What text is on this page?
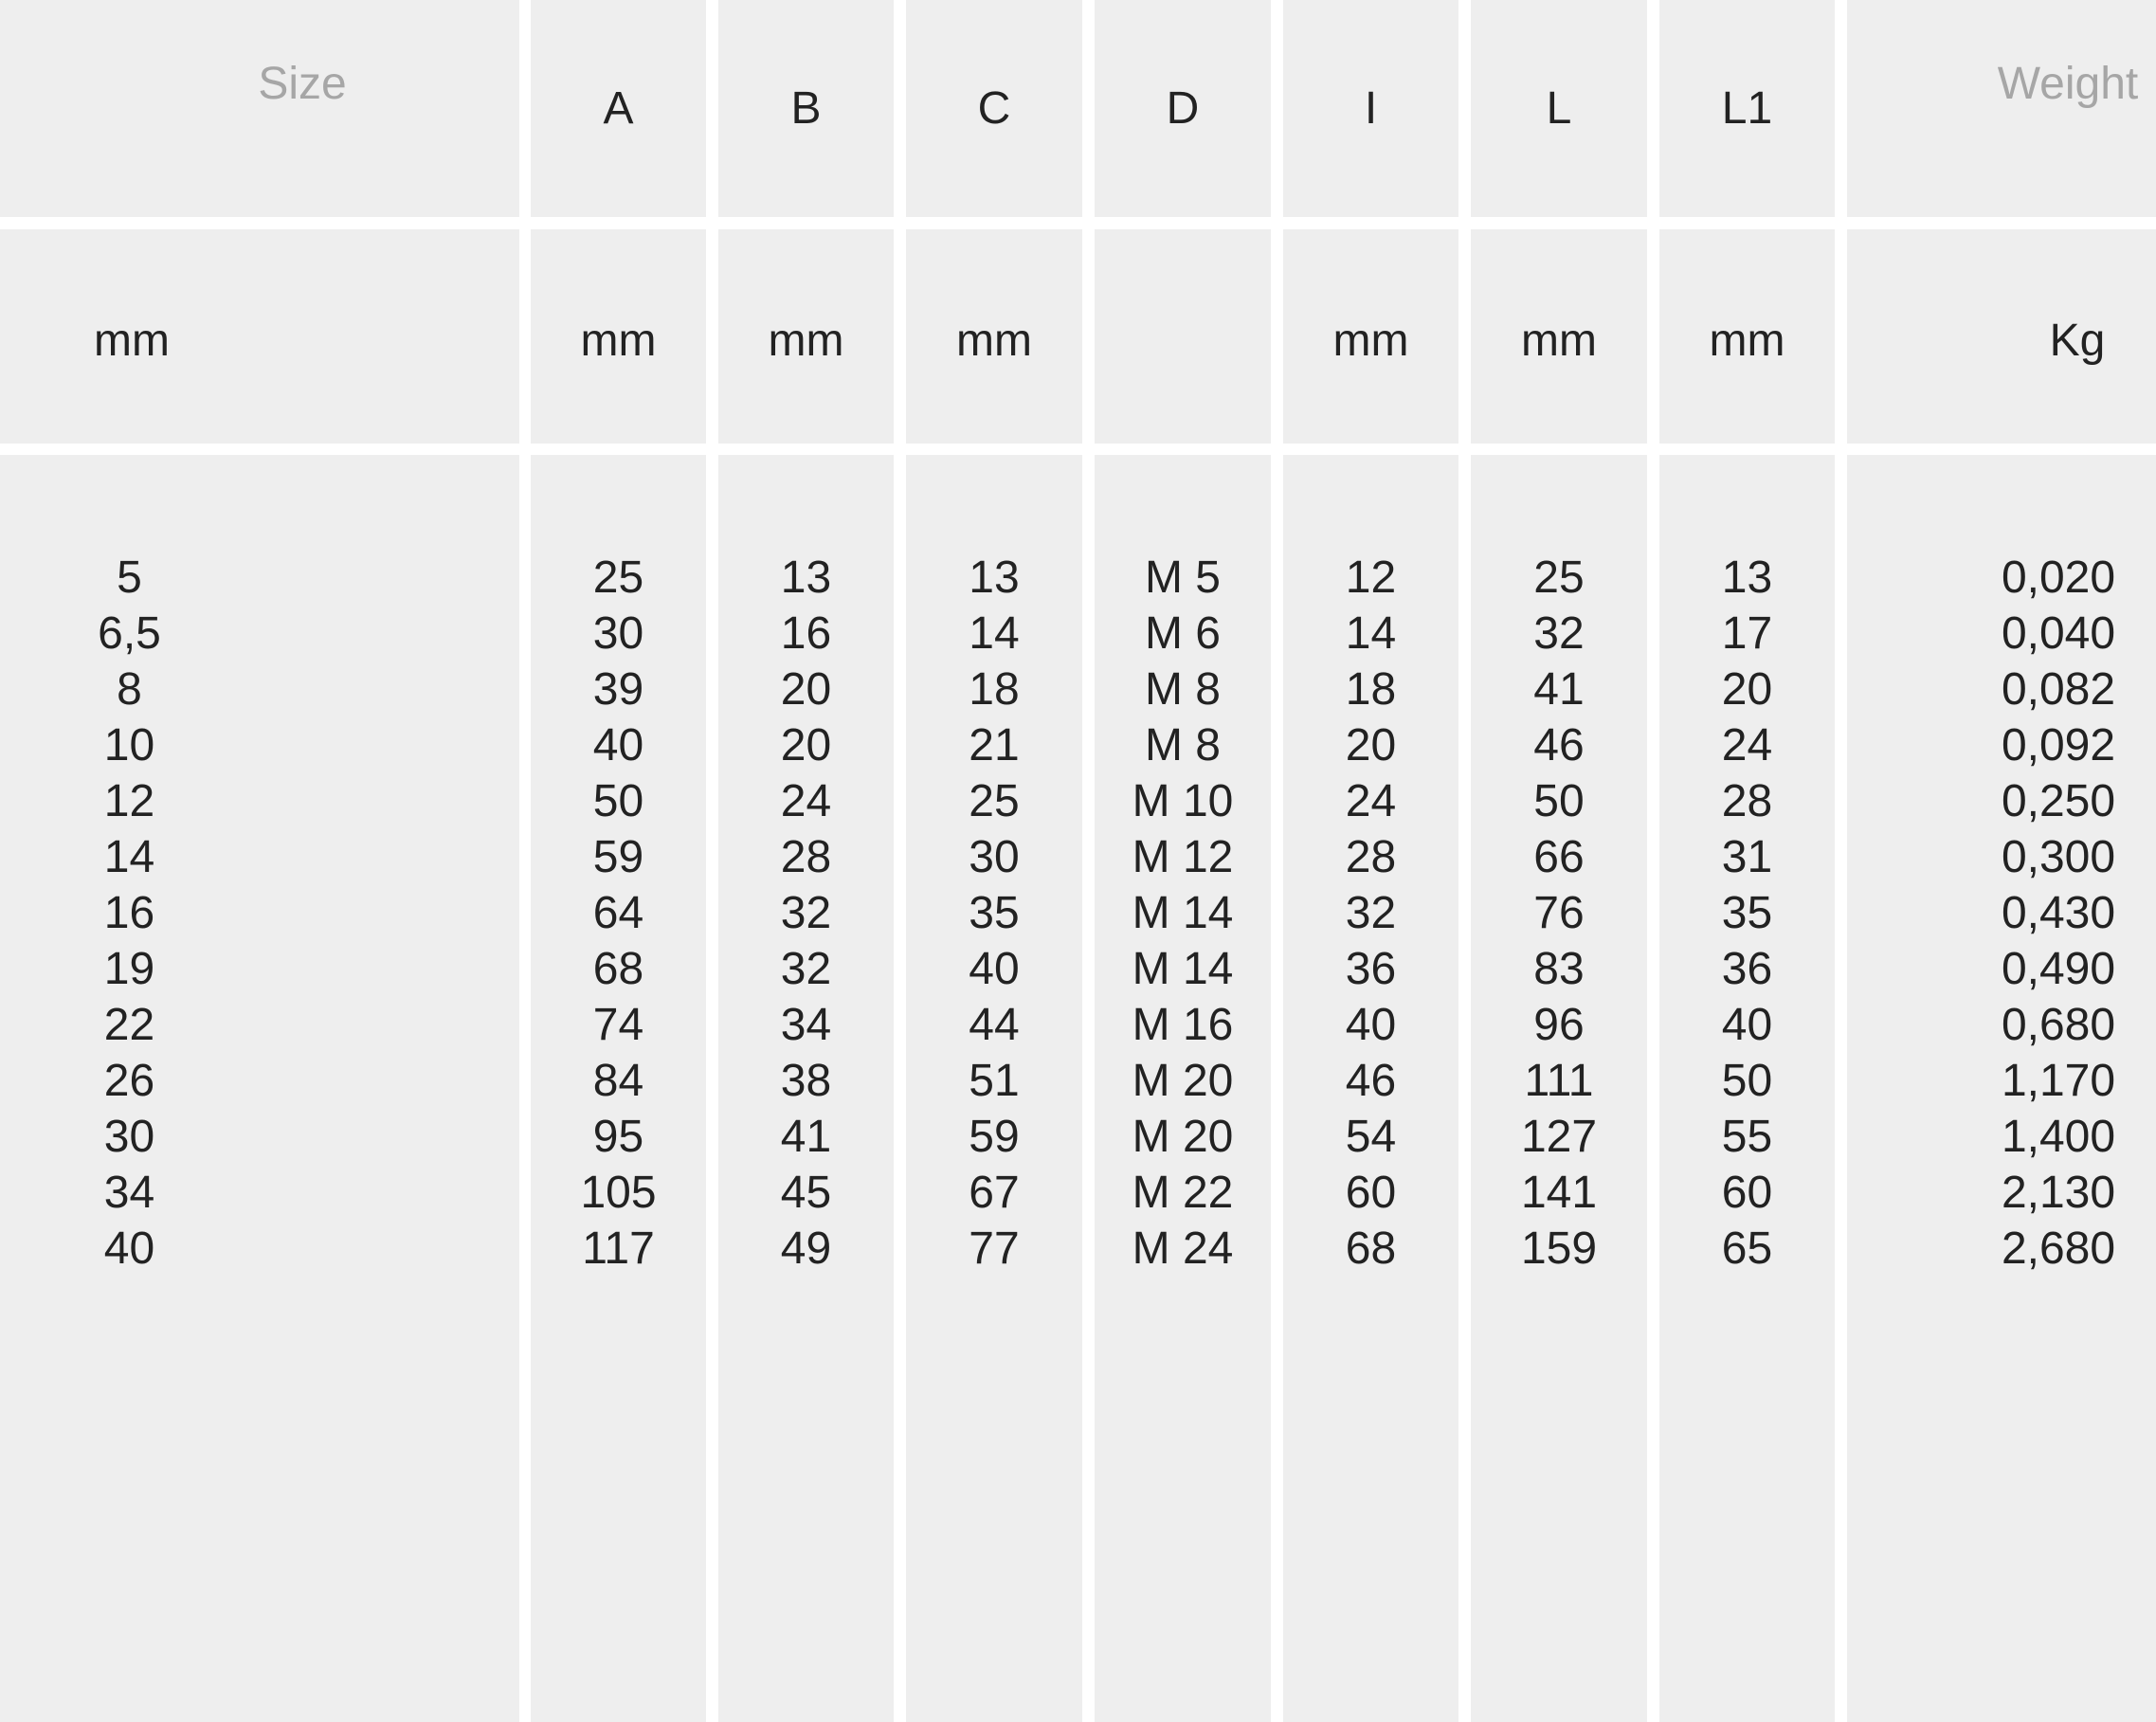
Size
mm
5
6,5
8
10
12
14
16
19
22
26
30
34
40
A
mm
25
30
39
40
50
59
64
68
74
84
95
105
117
B
mm
13
16
20
20
24
28
32
32
34
38
41
45
49
C
mm
13
14
18
21
25
30
35
40
44
51
59
67
77
D
M 5
M 6
M 8
M 8
M 10
M 12
M 14
M 14
M 16
M 20
M 20
M 22
M 24
I
mm
12
14
18
20
24
28
32
36
40
46
54
60
68
L
mm
25
32
41
46
50
66
76
83
96
111
127
141
159
L1
mm
13
17
20
24
28
31
35
36
40
50
55
60
65
Weight
Kg
0,020
0,040
0,082
0,092
0,250
0,300
0,430
0,490
0,680
1,170
1,400
2,130
2,680
